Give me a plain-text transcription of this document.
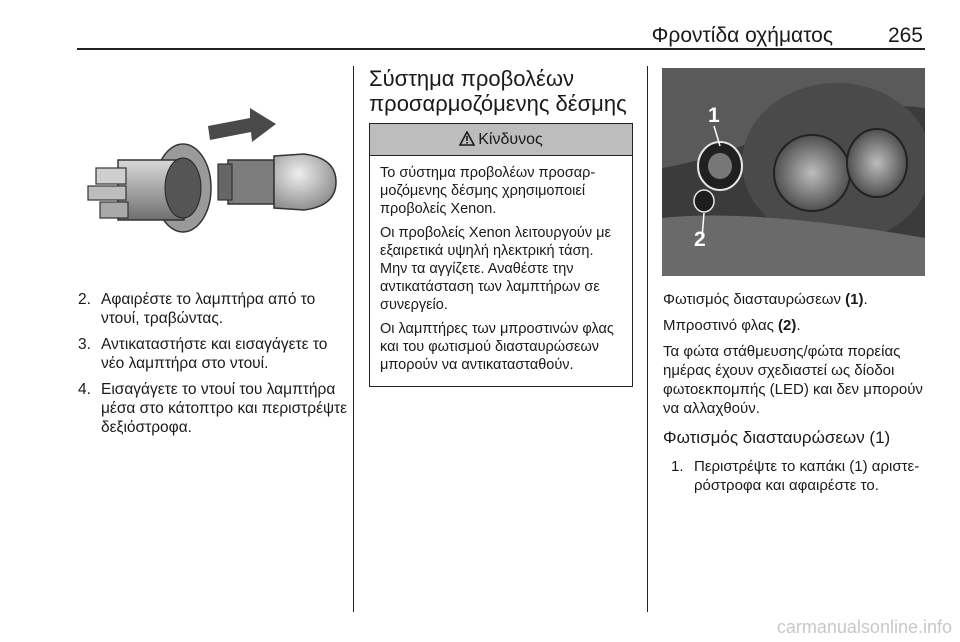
Φροντίδα οχήματος	265
2. Αφαιρέστε το λαμπτήρα από το ντουί, τραβώντας.
3. Αντικαταστήστε και εισαγάγετε το νέο λαμπτήρα στο ντουί.
4. Εισαγάγετε το ντουί του λαμπτήρα μέσα στο κάτοπτρο και περιστρέψτε δεξιόστροφα.
Σύστημα προβολέων προσαρμοζόμενης δέσμης
Κίνδυνος

Το σύστημα προβολέων προσαρμοζόμενης δέσμης χρησιμοποιεί προβολείς Xenon.

Οι προβολείς Xenon λειτουργούν με εξαιρετικά υψηλή ηλεκτρική τάση. Μην τα αγγίζετε. Αναθέστε την αντικατάσταση των λαμπτήρων σε συνεργείο.

Οι λαμπτήρες των μπροστινών φλας και του φωτισμού διασταυρώσεων μπορούν να αντικατασταθούν.

1
2

Φωτισμός διασταυρώσεων (1).

Μπροστινό φλας (2).

Τα φώτα στάθμευσης/φώτα πορείας ημέρας έχουν σχεδιαστεί ως δίοδοι φωτοεκπομπής (LED) και δεν μπορούν να αλλαχθούν.

Φωτισμός διασταυρώσεων (1)
1. Περιστρέψτε το καπάκι (1) αριστερόστροφα και αφαιρέστε το.
carmanualsonline.info
